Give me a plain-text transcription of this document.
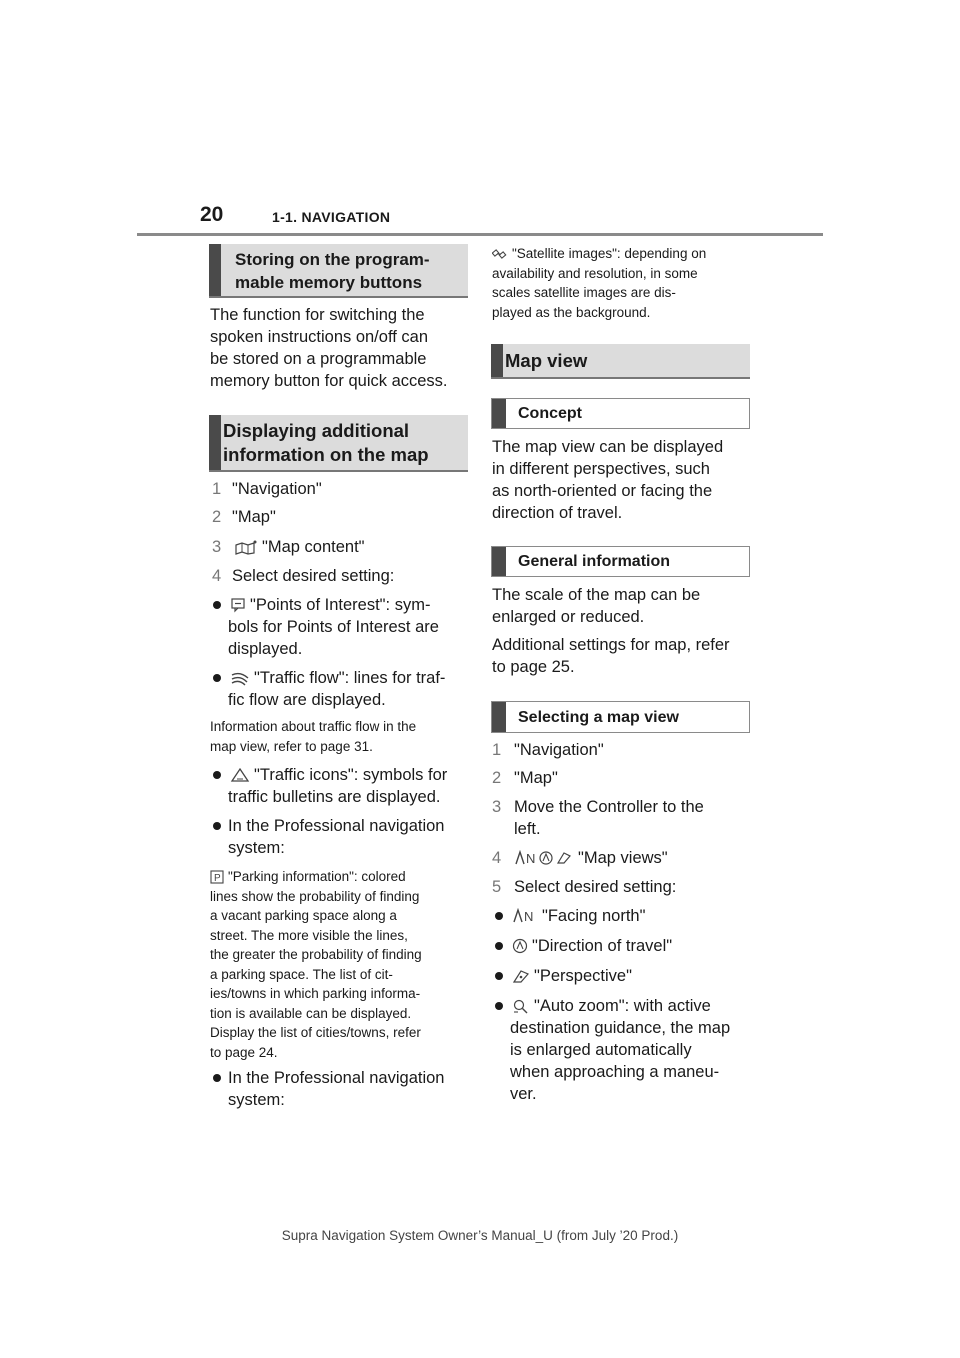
20	1-1. NAVIGATION
Storing on the program-
mable memory buttons
The function for switching the
spoken instructions on/off can
be stored on a programmable
memory button for quick access.
Displaying additional
information on the map
1 "Navigation"
2 "Map"
3	"Map content"
4 Select desired setting:
"Points of Interest": sym-
bols for Points of Interest are
displayed.
"Traffic flow": lines for traf-
fic flow are displayed.
Information about traffic flow in the
map view, refer to page 31.
"Traffic icons": symbols for
traffic bulletins are displayed.
In the Professional navigation
system:
P "Parking information": colored
lines show the probability of finding
a vacant parking space along a
street. The more visible the lines,
the greater the probability of finding
a parking space. The list of cit-
ies/towns in which parking informa-
tion is available can be displayed.
Display the list of cities/towns, refer
to page 24.
In the Professional navigation
system:
"Satellite images": depending on
availability and resolution, in some
scales satellite images are dis-
played as the background.
Map view
Concept
The map view can be displayed
in different perspectives, such
as north-oriented or facing the
direction of travel.
General information
The scale of the map can be
enlarged or reduced.
Additional settings for map, refer
to page 25.
Selecting a map view
1 "Navigation"
2 "Map"
3 Move the Controller to the
left.
4 N	"Map views"
5 Select desired setting:
N "Facing north"
"Direction of travel"
"Perspective"
"Auto zoom": with active
destination guidance, the map
is enlarged automatically
when approaching a maneu-
ver.
Supra Navigation System Owner’s Manual_U (from July ’20 Prod.)
